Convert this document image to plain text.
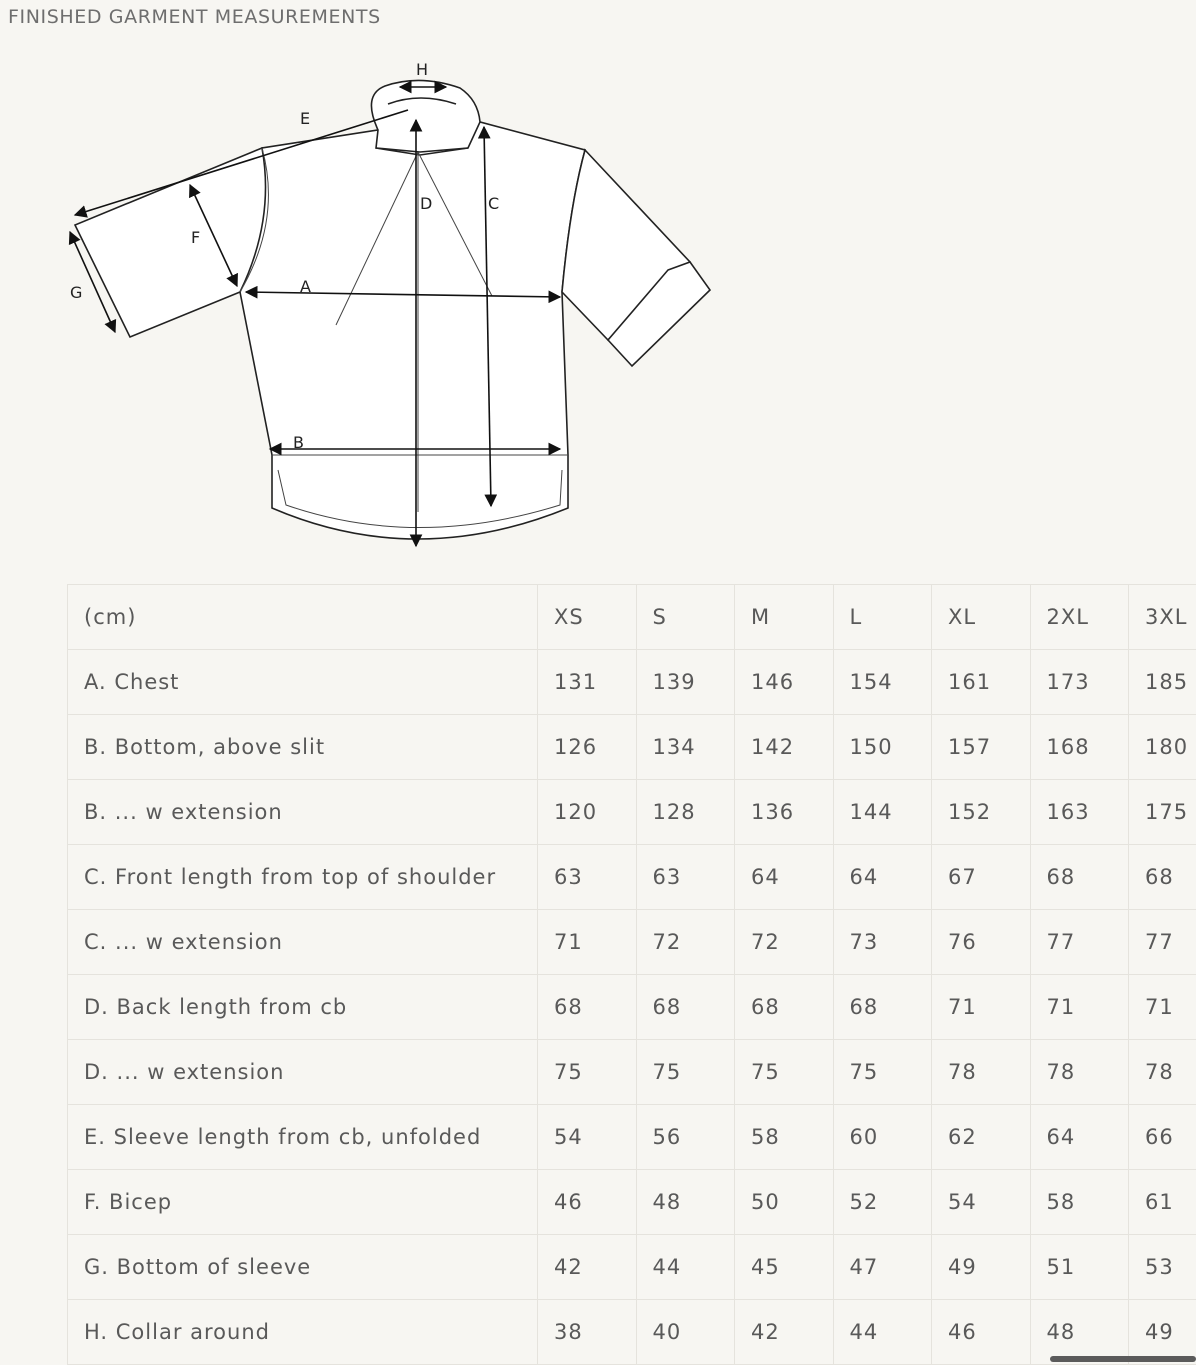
FINISHED GARMENT MEASUREMENTS
A
B
C
D
E
F
G
H
(cm)	XS	S	M	L	XL	2XL	3XL
A. Chest	131	139	146	154	161	173	185
B. Bottom, above slit	126	134	142	150	157	168	180
B. ... w extension	120	128	136	144	152	163	175
C. Front length from top of shoulder	63	63	64	64	67	68	68
C. ... w extension	71	72	72	73	76	77	77
D. Back length from cb	68	68	68	68	71	71	71
D. ... w extension	75	75	75	75	78	78	78
E. Sleeve length from cb, unfolded	54	56	58	60	62	64	66
F. Bicep	46	48	50	52	54	58	61
G. Bottom of sleeve	42	44	45	47	49	51	53
H. Collar around	38	40	42	44	46	48	49
